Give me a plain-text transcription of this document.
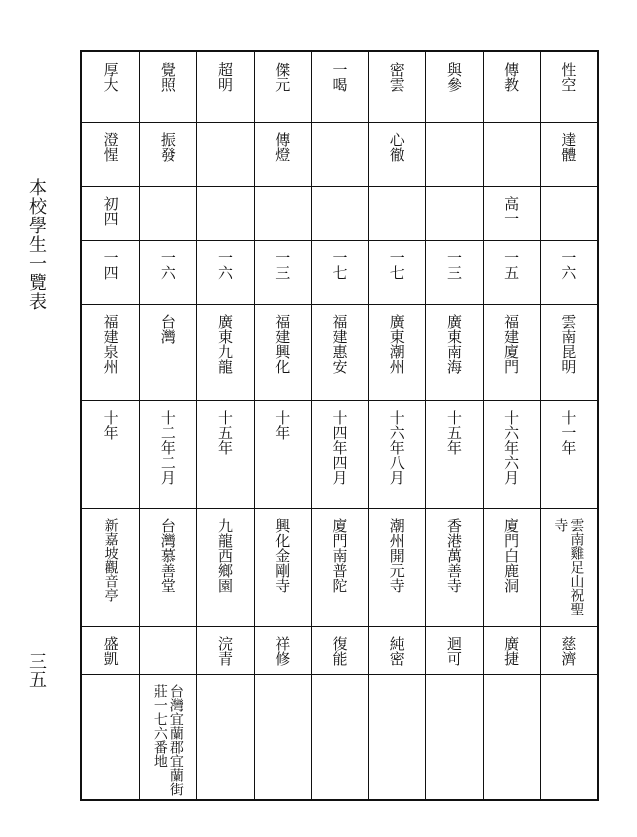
本校學生一覽表
三五
性空
達體
一六
雲南昆明
十一年
雲南雞足山祝聖寺
慈濟
傳教
高一
一五
福建廈門
十六年六月
廈門白鹿洞
廣捷
與參
一三
廣東南海
十五年
香港萬善寺
迴可
密雲
心徹
一七
廣東潮州
十六年八月
潮州開元寺
純密
一喝
一七
福建惠安
十四年四月
廈門南普陀
復能
傑元
傳燈
一三
福建興化
十年
興化金剛寺
祥修
超明
一六
廣東九龍
十五年
九龍西鄉園
浣青
覺照
振發
一六
台灣
十二年二月
台灣慕善堂
台灣宜蘭郡宜蘭街莊一七六番地
厚大
澄惺
初四
一四
福建泉州
十年
新嘉坡觀音亭
盛凱
